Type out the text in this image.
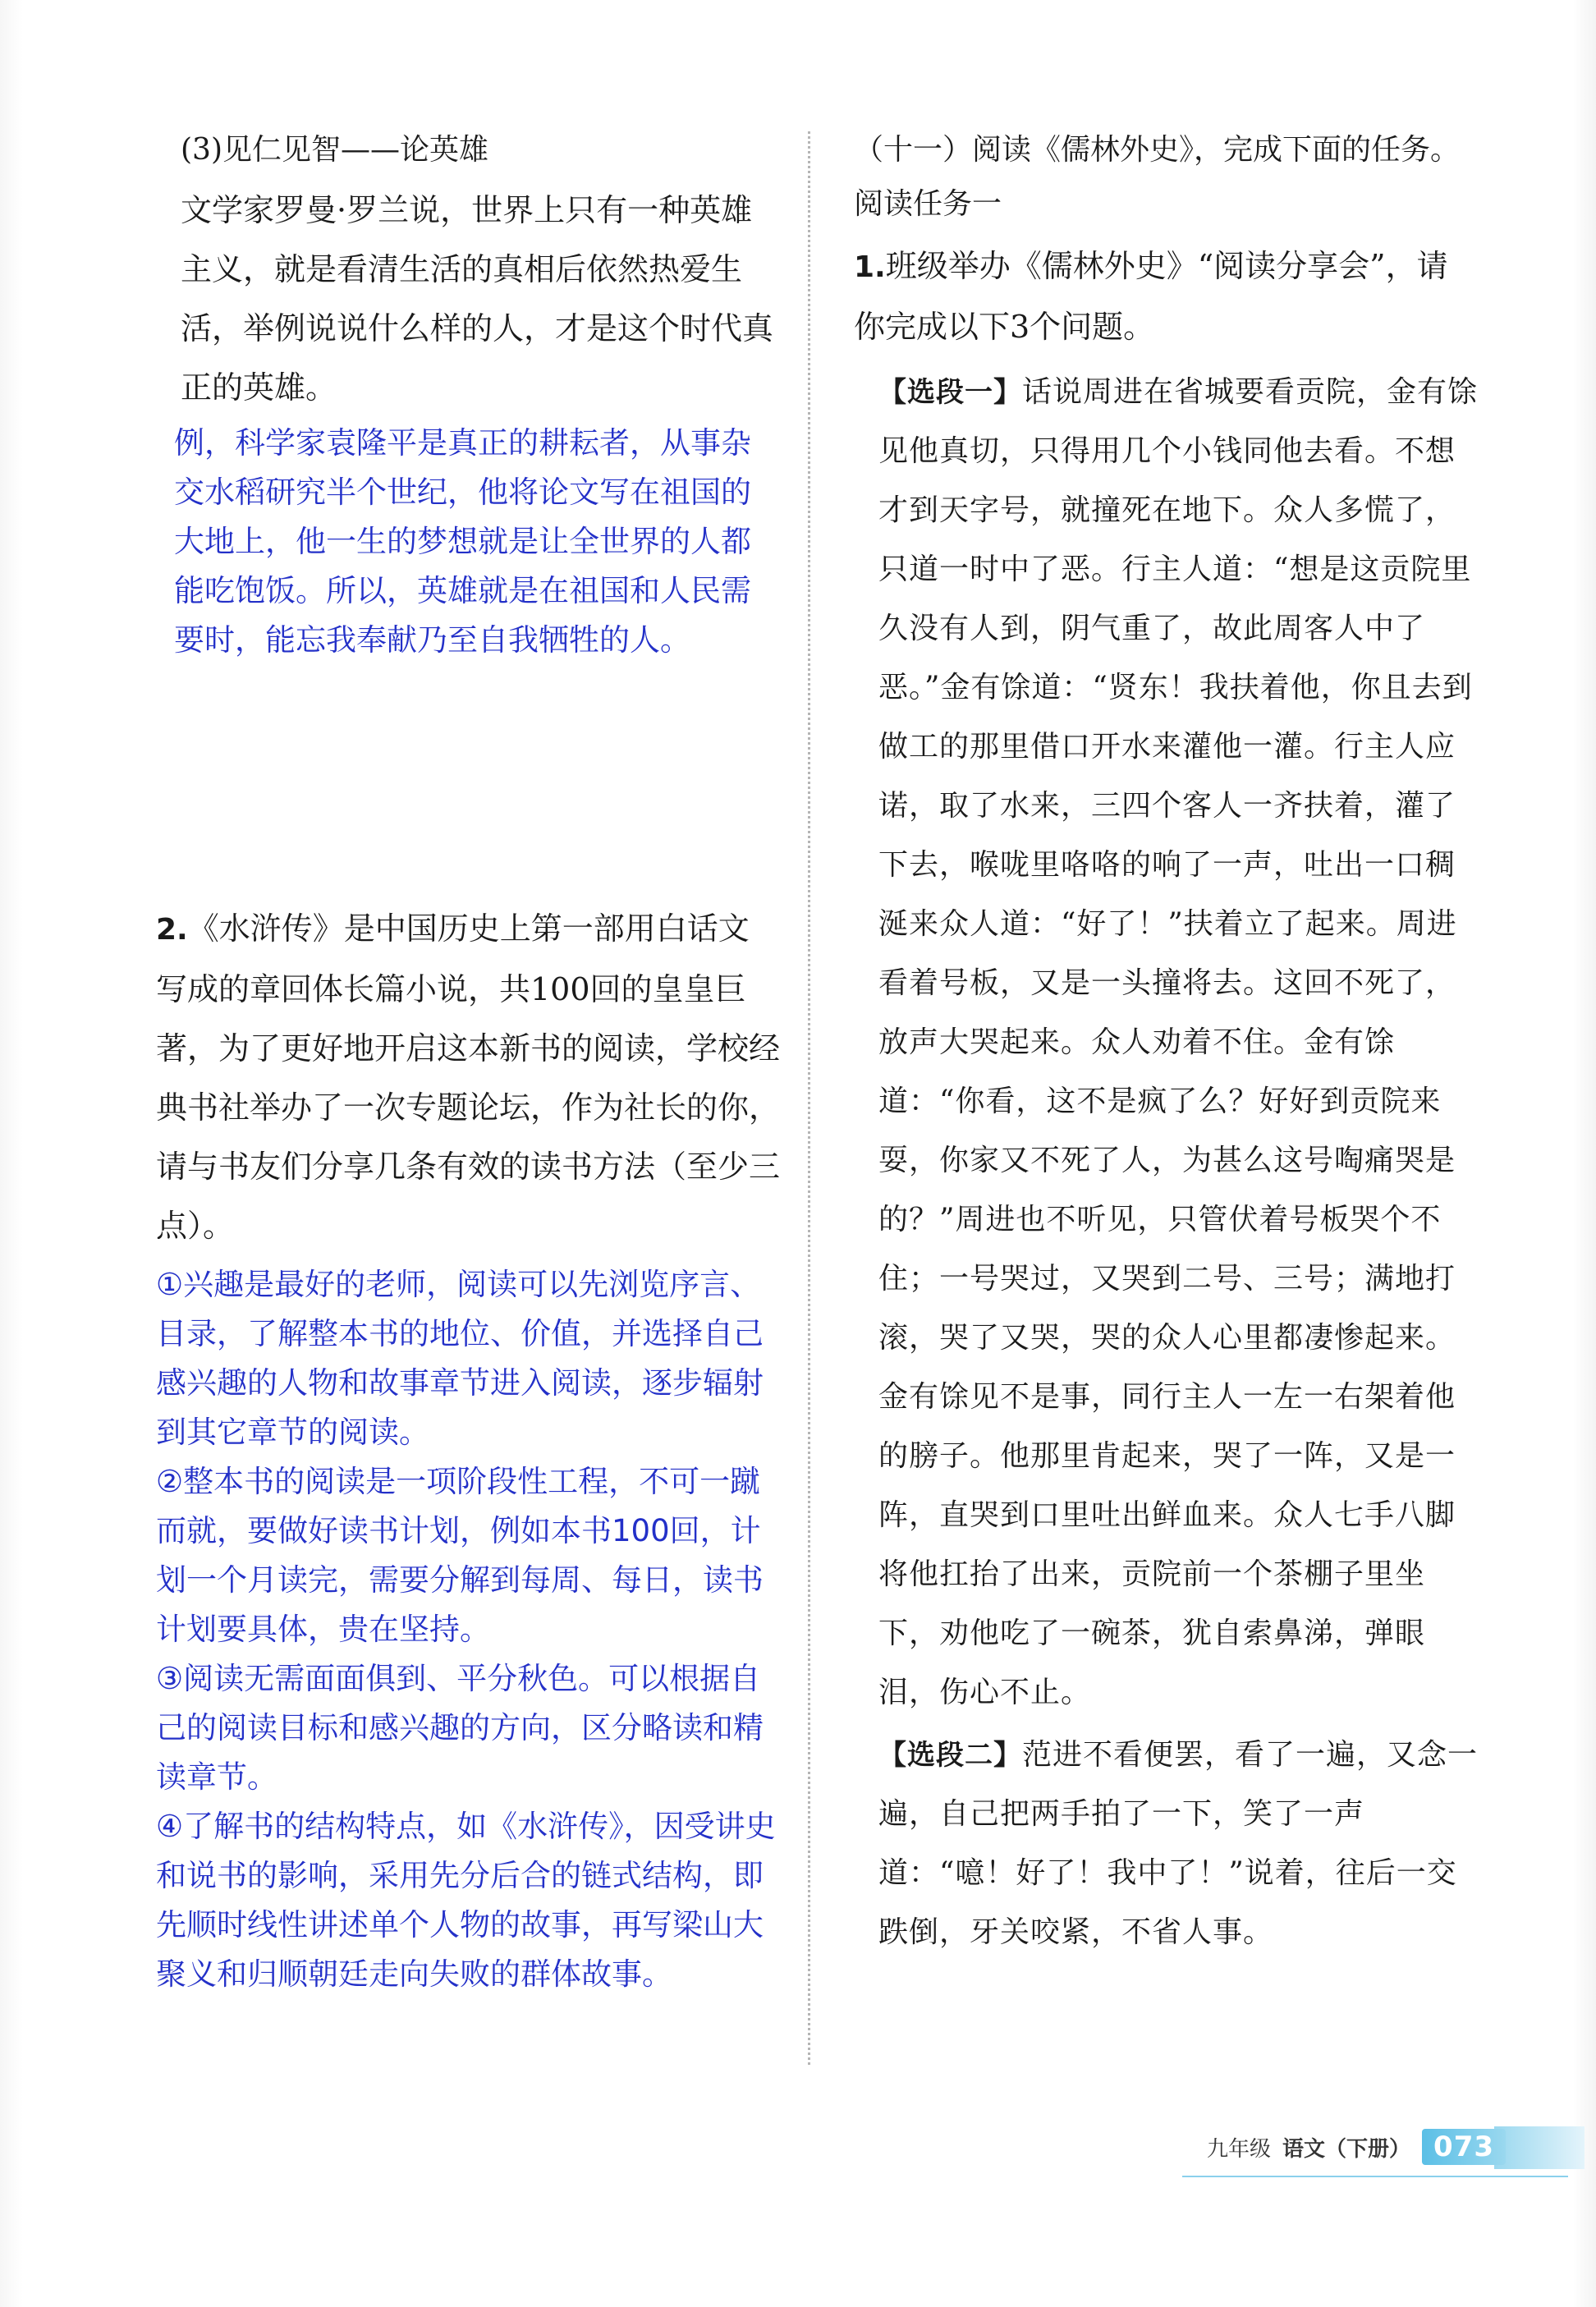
(3)见仁见智——论英雄

文学家罗曼·罗兰说，世界上只有一种英雄主义，就是看清生活的真相后依然热爱生活，举例说说什么样的人，才是这个时代真正的英雄。

例，科学家袁隆平是真正的耕耘者，从事杂交水稻研究半个世纪，他将论文写在祖国的大地上，他一生的梦想就是让全世界的人都能吃饱饭。所以，英雄就是在祖国和人民需要时，能忘我奉献乃至自我牺牲的人。

2.《水浒传》是中国历史上第一部用白话文写成的章回体长篇小说，共100回的皇皇巨著，为了更好地开启这本新书的阅读，学校经典书社举办了一次专题论坛，作为社长的你，请与书友们分享几条有效的读书方法（至少三点）。

①兴趣是最好的老师，阅读可以先浏览序言、目录，了解整本书的地位、价值，并选择自己感兴趣的人物和故事章节进入阅读，逐步辐射到其它章节的阅读。

②整本书的阅读是一项阶段性工程，不可一蹴而就，要做好读书计划，例如本书100回，计划一个月读完，需要分解到每周、每日，读书计划要具体，贵在坚持。

③阅读无需面面俱到、平分秋色。可以根据自己的阅读目标和感兴趣的方向，区分略读和精读章节。

④了解书的结构特点，如《水浒传》，因受讲史和说书的影响，采用先分后合的链式结构，即先顺时线性讲述单个人物的故事，再写梁山大聚义和归顺朝廷走向失败的群体故事。

（十一）阅读《儒林外史》，完成下面的任务。
阅读任务一

1.班级举办《儒林外史》“阅读分享会”，请你完成以下3个问题。

【选段一】话说周进在省城要看贡院，金有馀见他真切，只得用几个小钱同他去看。不想才到天字号，就撞死在地下。众人多慌了，只道一时中了恶。行主人道：“想是这贡院里久没有人到，阴气重了，故此周客人中了恶。”金有馀道：“贤东！我扶着他，你且去到做工的那里借口开水来灌他一灌。行主人应诺，取了水来，三四个客人一齐扶着，灌了下去，喉咙里咯咯的响了一声，吐出一口稠涎来众人道：“好了！”扶着立了起来。周进看着号板，又是一头撞将去。这回不死了，放声大哭起来。众人劝着不住。金有馀道：“你看，这不是疯了么？好好到贡院来耍，你家又不死了人，为甚么这号啕痛哭是的？”周进也不听见，只管伏着号板哭个不住；一号哭过，又哭到二号、三号；满地打滚，哭了又哭，哭的众人心里都凄惨起来。金有馀见不是事，同行主人一左一右架着他的膀子。他那里肯起来，哭了一阵，又是一阵，直哭到口里吐出鲜血来。众人七手八脚将他扛抬了出来，贡院前一个茶棚子里坐下，劝他吃了一碗茶，犹自索鼻涕，弹眼泪，伤心不止。

【选段二】范进不看便罢，看了一遍，又念一遍，自己把两手拍了一下，笑了一声道：“噫！好了！我中了！”说着，往后一交跌倒，牙关咬紧，不省人事。

九年级 语文（下册） 073
